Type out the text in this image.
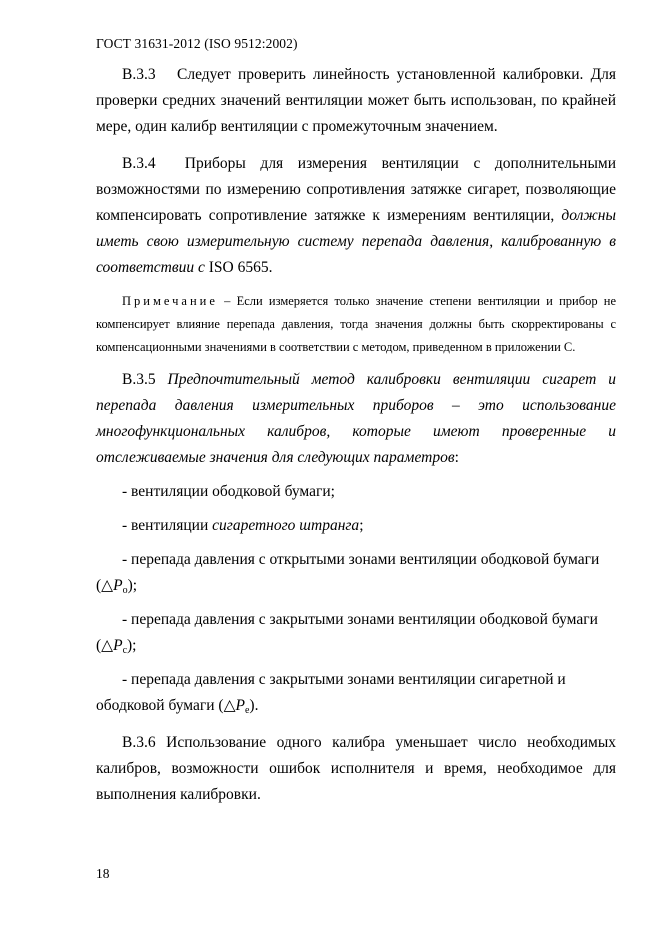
ГОСТ 31631-2012 (ISO 9512:2002)

В.3.3 Следует проверить линейность установленной калибровки. Для проверки средних значений вентиляции может быть использован, по крайней мере, один калибр вентиляции с промежуточным значением.

В.3.4 Приборы для измерения вентиляции с дополнительными возможностями по измерению сопротивления затяжке сигарет, позволяющие компенсировать сопротивление затяжке к измерениям вентиляции, должны иметь свою измерительную систему перепада давления, калиброванную в соответствии с ISO 6565.

Примечание – Если измеряется только значение степени вентиляции и прибор не компенсирует влияние перепада давления, тогда значения должны быть скорректированы с компенсационными значениями в соответствии с методом, приведенном в приложении С.

В.3.5 Предпочтительный метод калибровки вентиляции сигарет и перепада давления измерительных приборов – это использование многофункциональных калибров, которые имеют проверенные и отслеживаемые значения для следующих параметров:

- вентиляции ободковой бумаги;

- вентиляции сигаретного штранга;

- перепада давления с открытыми зонами вентиляции ободковой бумаги
$(\triangle P_o)$;

- перепада давления с закрытыми зонами вентиляции ободковой бумаги
$(\triangle P_c)$;

- перепада давления с закрытыми зонами вентиляции сигаретной и ободковой бумаги $(\triangle P_e)$.

В.3.6 Использование одного калибра уменьшает число необходимых калибров, возможности ошибок исполнителя и время, необходимое для выполнения калибровки.

18
